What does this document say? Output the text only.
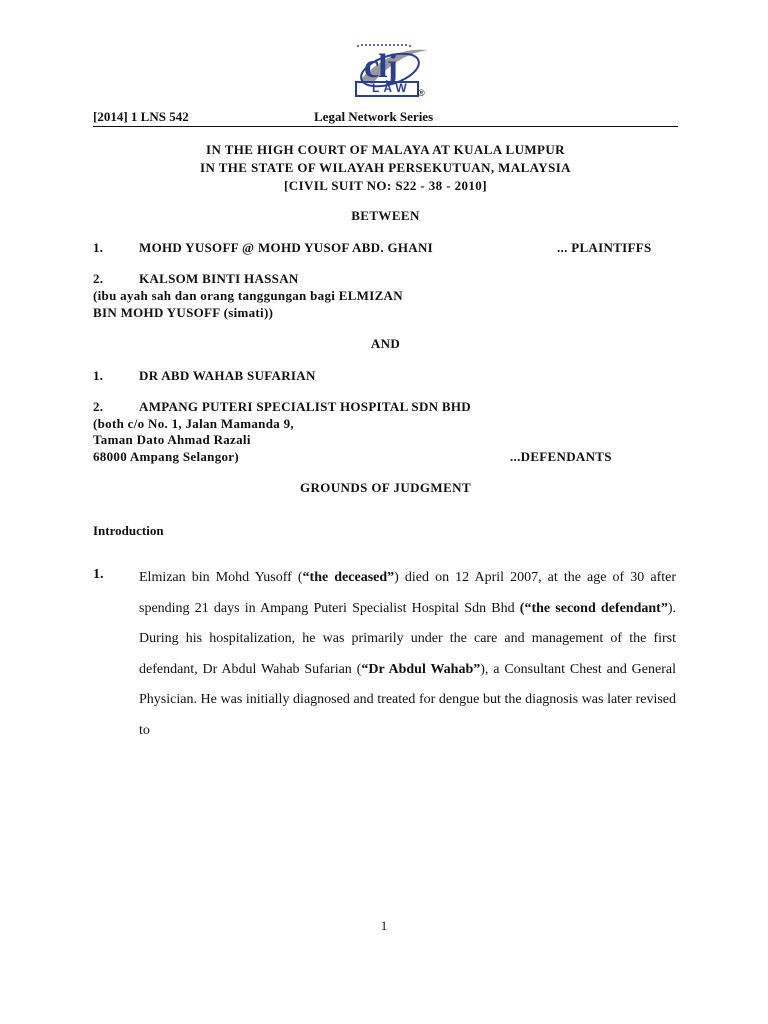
clj
LAW ®
[2014] 1 LNS 542	Legal Network Series
IN THE HIGH COURT OF MALAYA AT KUALA LUMPUR
IN THE STATE OF WILAYAH PERSEKUTUAN, MALAYSIA
[CIVIL SUIT NO: S22 - 38 - 2010]
BETWEEN
1.	MOHD YUSOFF @ MOHD YUSOF ABD. GHANI	... PLAINTIFFS
2.	KALSOM BINTI HASSAN
(ibu ayah sah dan orang tanggungan bagi ELMIZAN
BIN MOHD YUSOFF (simati))
AND
1.	DR ABD WAHAB SUFARIAN
2.	AMPANG PUTERI SPECIALIST HOSPITAL SDN BHD
(both c/o No. 1, Jalan Mamanda 9,
Taman Dato Ahmad Razali
68000 Ampang Selangor)	...DEFENDANTS
GROUNDS OF JUDGMENT
Introduction
1.	Elmizan bin Mohd Yusoff (“the deceased”) died on 12 April 2007, at the age of 30 after spending 21 days in Ampang Puteri Specialist Hospital Sdn Bhd (“the second defendant”). During his hospitalization, he was primarily under the care and management of the first defendant, Dr Abdul Wahab Sufarian (“Dr Abdul Wahab”), a Consultant Chest and General Physician. He was initially diagnosed and treated for dengue but the diagnosis was later revised to
1
